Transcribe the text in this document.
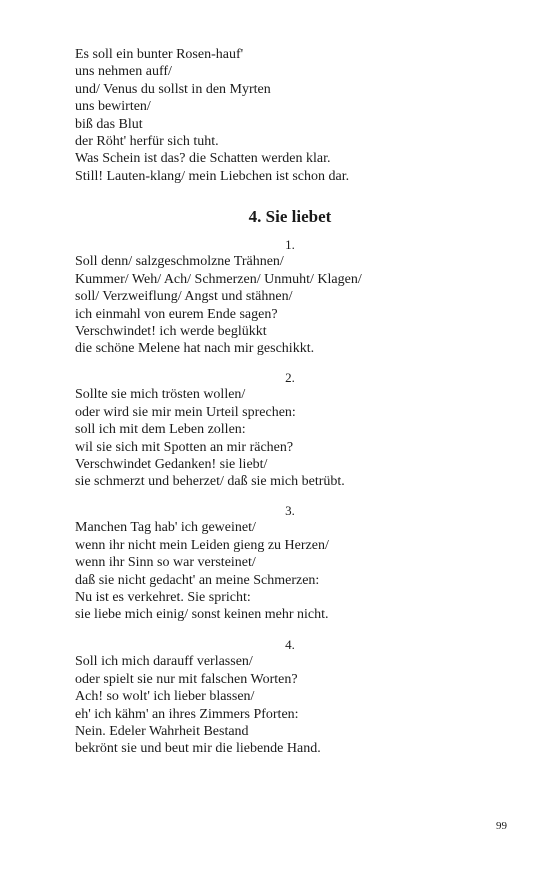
Es soll ein bunter Rosen-hauf'
uns nehmen auff/
und/ Venus du sollst in den Myrten
uns bewirten/
biß das Blut
der Röht' herfür sich tuht.
Was Schein ist das? die Schatten werden klar.
Still! Lauten-klang/ mein Liebchen ist schon dar.
4. Sie liebet
1.
Soll denn/ salzgeschmolzne Trähnen/
Kummer/ Weh/ Ach/ Schmerzen/ Unmuht/ Klagen/
soll/ Verzweiflung/ Angst und stähnen/
ich einmahl von eurem Ende sagen?
Verschwindet! ich werde beglükkt
die schöne Melene hat nach mir geschikkt.
2.
Sollte sie mich trösten wollen/
oder wird sie mir mein Urteil sprechen:
soll ich mit dem Leben zollen:
wil sie sich mit Spotten an mir rächen?
Verschwindet Gedanken! sie liebt/
sie schmerzt und beherzet/ daß sie mich betrübt.
3.
Manchen Tag hab' ich geweinet/
wenn ihr nicht mein Leiden gieng zu Herzen/
wenn ihr Sinn so war versteinet/
daß sie nicht gedacht' an meine Schmerzen:
Nu ist es verkehret. Sie spricht:
sie liebe mich einig/ sonst keinen mehr nicht.
4.
Soll ich mich darauff verlassen/
oder spielt sie nur mit falschen Worten?
Ach! so wolt' ich lieber blassen/
eh' ich kähm' an ihres Zimmers Pforten:
Nein. Edeler Wahrheit Bestand
bekrönt sie und beut mir die liebende Hand.
99
